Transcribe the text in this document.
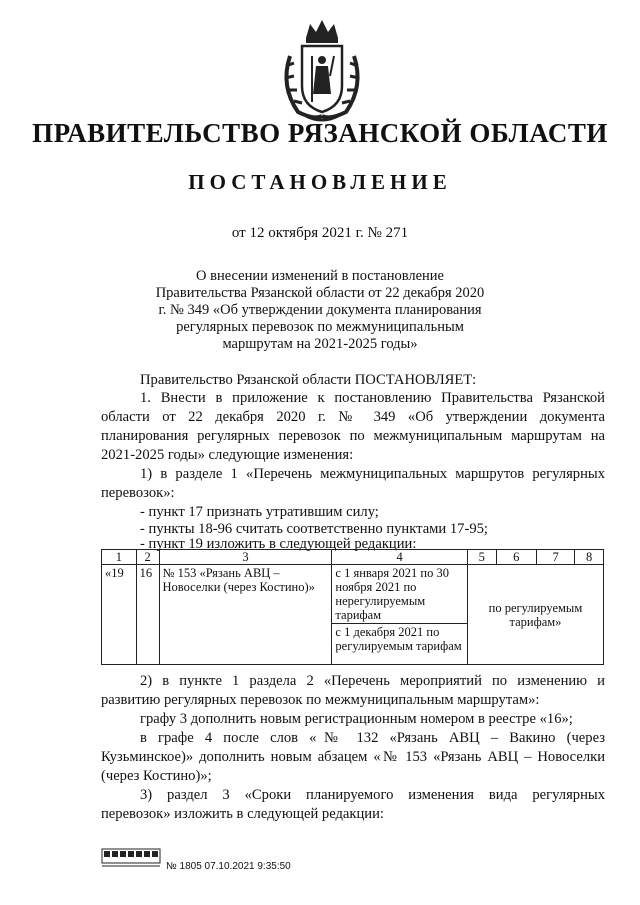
ПРАВИТЕЛЬСТВО РЯЗАНСКОЙ ОБЛАСТИ
ПОСТАНОВЛЕНИЕ
от 12 октября 2021 г. № 271
О внесении изменений в постановление Правительства Рязанской области от 22 декабря 2020 г. № 349 «Об утверждении документа планирования регулярных перевозок по межмуниципальным маршрутам на 2021-2025 годы»
Правительство Рязанской области ПОСТАНОВЛЯЕТ:
1. Внести в приложение к постановлению Правительства Рязанской
области от 22 декабря 2020 г. № 349 «Об утверждении документа
планирования регулярных перевозок по межмуниципальным маршрутам на
2021-2025 годы» следующие изменения:
1) в разделе 1 «Перечень межмуниципальных маршрутов регулярных
перевозок»:
- пункт 17 признать утратившим силу;
- пункты 18-96 считать соответственно пунктами 17-95;
- пункт 19 изложить в следующей редакции:
1	2	3	4	5	6	7	8
«19	16	№ 153 «Рязань АВЦ – Новоселки (через Костино)»	с 1 января 2021 по 30 ноября 2021 по нерегулируемым тарифам	по регулируемым тарифам»			
			с 1 декабря 2021 по регулируемым тарифам				
2) в пункте 1 раздела 2 «Перечень мероприятий по изменению и
развитию регулярных перевозок по межмуниципальным маршрутам»:
графу 3 дополнить новым регистрационным номером в реестре «16»;
в графе 4 после слов «№ 132 «Рязань АВЦ – Вакино (через
Кузьминское)» дополнить новым абзацем «№ 153 «Рязань АВЦ – Новоселки
(через Костино)»;
3) раздел 3 «Сроки планируемого изменения вида регулярных
перевозок» изложить в следующей редакции:
№ 1805 07.10.2021 9:35:50
